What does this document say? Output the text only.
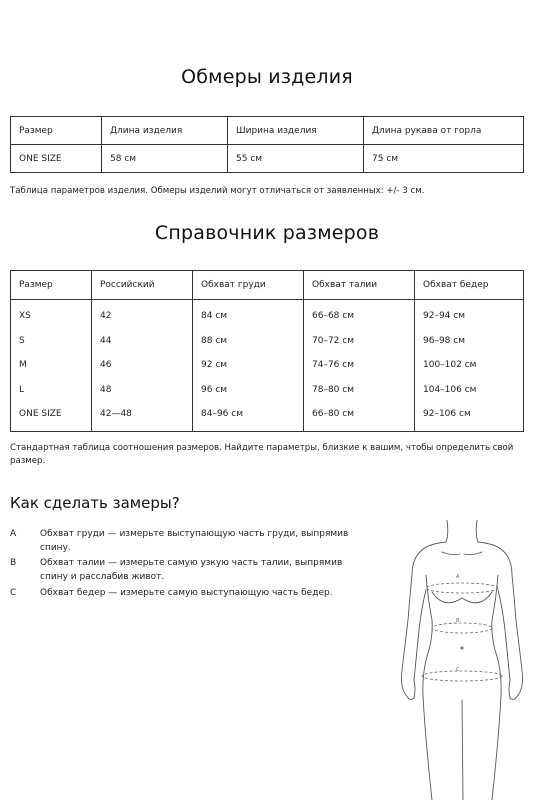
Обмеры изделия
Размер	Длина изделия	Ширина изделия	Длина рукава от горла
ONE SIZE	58 см	55 см	75 см
Таблица параметров изделия. Обмеры изделий могут отличаться от заявленных: +/- 3 см.
Справочник размеров
Размер	Российский	Обхват груди	Обхват талии	Обхват бедер
XS	42	84 см	66–68 см	92–94 см
S	44	88 см	70–72 см	96–98 см
M	46	92 см	74–76 см	100–102 см
L	48	96 см	78–80 см	104–106 см
ONE SIZE	42—48	84–96 см	66–80 см	92–106 см
Стандартная таблица соотношения размеров. Найдите параметры, близкие к вашим, чтобы определить свой размер.
Как сделать замеры?
A	Обхват груди — измерьте выступающую часть груди, выпрямив спину.
B	Обхват талии — измерьте самую узкую часть талии, выпрямив спину и расслабив живот.
C	Обхват бедер — измерьте самую выступающую часть бедер.
A
B
C
